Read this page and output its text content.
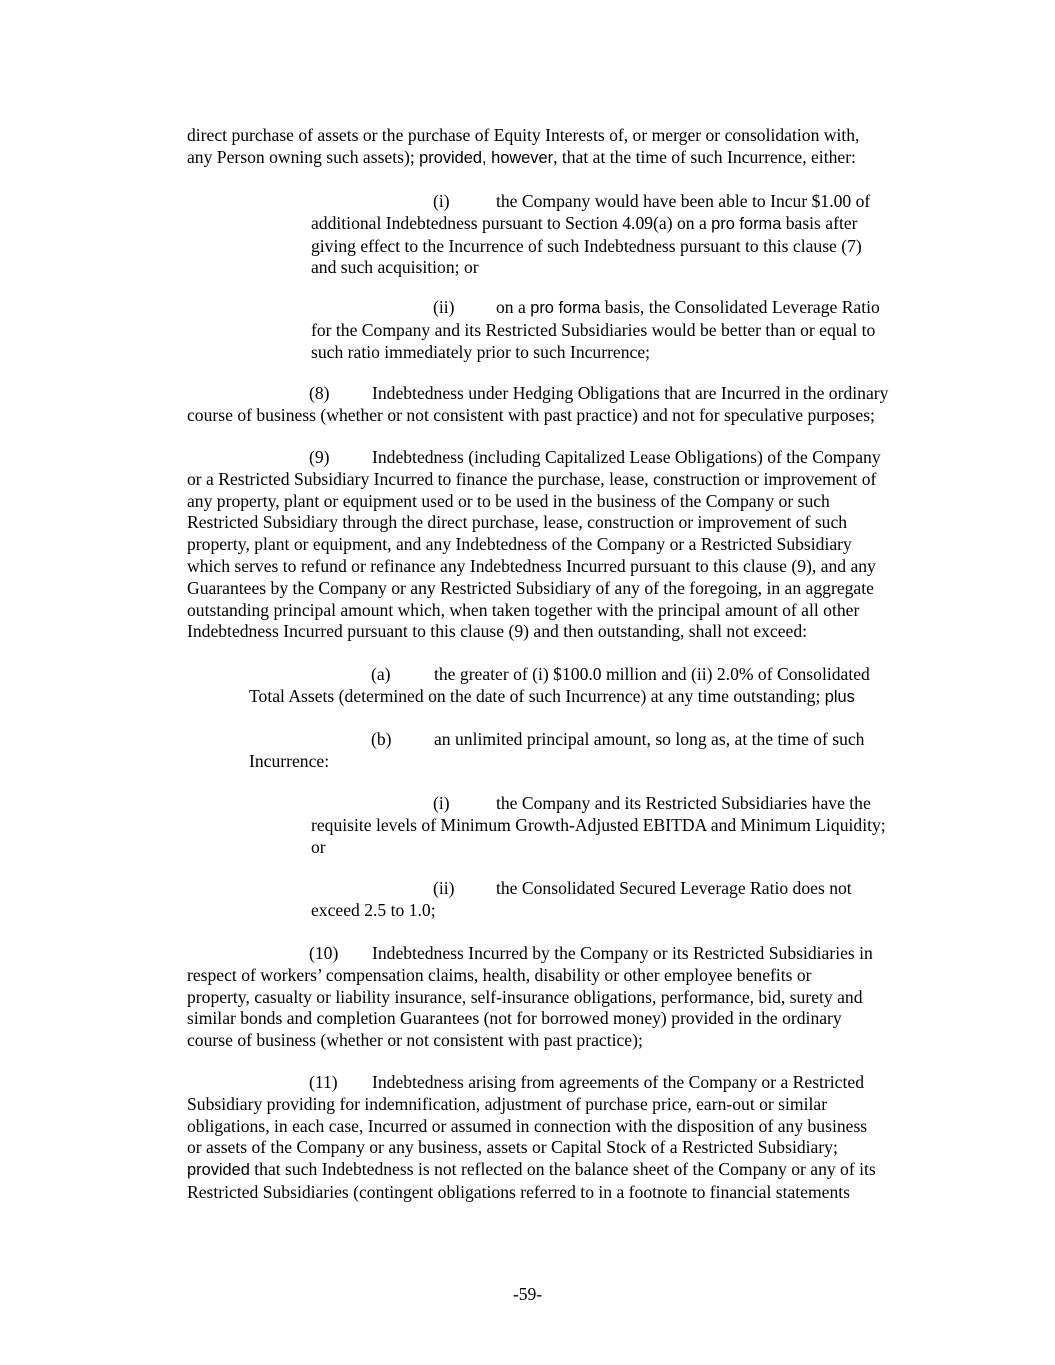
direct purchase of assets or the purchase of Equity Interests of, or merger or consolidation with,
any Person owning such assets); provided, however, that at the time of such Incurrence, either:
(i)	the Company would have been able to Incur $1.00 of
additional Indebtedness pursuant to Section 4.09(a) on a pro forma basis after
giving effect to the Incurrence of such Indebtedness pursuant to this clause (7)
and such acquisition; or
(ii) on a pro forma basis, the Consolidated Leverage Ratio
for the Company and its Restricted Subsidiaries would be better than or equal to
such ratio immediately prior to such Incurrence;
(8) Indebtedness under Hedging Obligations that are Incurred in the ordinary
course of business (whether or not consistent with past practice) and not for speculative purposes;
(9) Indebtedness (including Capitalized Lease Obligations) of the Company
or a Restricted Subsidiary Incurred to finance the purchase, lease, construction or improvement of
any property, plant or equipment used or to be used in the business of the Company or such
Restricted Subsidiary through the direct purchase, lease, construction or improvement of such
property, plant or equipment, and any Indebtedness of the Company or a Restricted Subsidiary
which serves to refund or refinance any Indebtedness Incurred pursuant to this clause (9), and any
Guarantees by the Company or any Restricted Subsidiary of any of the foregoing, in an aggregate
outstanding principal amount which, when taken together with the principal amount of all other
Indebtedness Incurred pursuant to this clause (9) and then outstanding, shall not exceed:
(a) the greater of (i) $100.0 million and (ii) 2.0% of Consolidated
Total Assets (determined on the date of such Incurrence) at any time outstanding; plus
(b) an unlimited principal amount, so long as, at the time of such
Incurrence:
(i)	the Company and its Restricted Subsidiaries have the
requisite levels of Minimum Growth-Adjusted EBITDA and Minimum Liquidity;
or
(ii) the Consolidated Secured Leverage Ratio does not
exceed 2.5 to 1.0;
(10) Indebtedness Incurred by the Company or its Restricted Subsidiaries in
respect of workers’ compensation claims, health, disability or other employee benefits or
property, casualty or liability insurance, self-insurance obligations, performance, bid, surety and
similar bonds and completion Guarantees (not for borrowed money) provided in the ordinary
course of business (whether or not consistent with past practice);
(11) Indebtedness arising from agreements of the Company or a Restricted
Subsidiary providing for indemnification, adjustment of purchase price, earn-out or similar
obligations, in each case, Incurred or assumed in connection with the disposition of any business
or assets of the Company or any business, assets or Capital Stock of a Restricted Subsidiary;
provided that such Indebtedness is not reflected on the balance sheet of the Company or any of its
Restricted Subsidiaries (contingent obligations referred to in a footnote to financial statements
-59-
